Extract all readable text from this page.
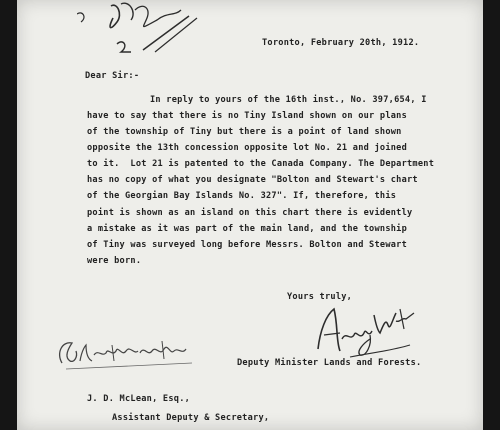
Toronto, February 20th, 1912.
Dear Sir:-
In reply to yours of the 16th inst., No. 397,654, I
have to say that there is no Tiny Island shown on our plans
of the township of Tiny but there is a point of land shown
opposite the 13th concession opposite lot No. 21 and joined
to it.  Lot 21 is patented to the Canada Company. The Department
has no copy of what you designate "Bolton and Stewart's chart
of the Georgian Bay Islands No. 327". If, therefore, this
point is shown as an island on this chart there is evidently
a mistake as it was part of the main land, and the township
of Tiny was surveyed long before Messrs. Bolton and Stewart
were born.
Yours truly,
Deputy Minister Lands and Forests.
J. D. McLean, Esq.,
Assistant Deputy & Secretary,
